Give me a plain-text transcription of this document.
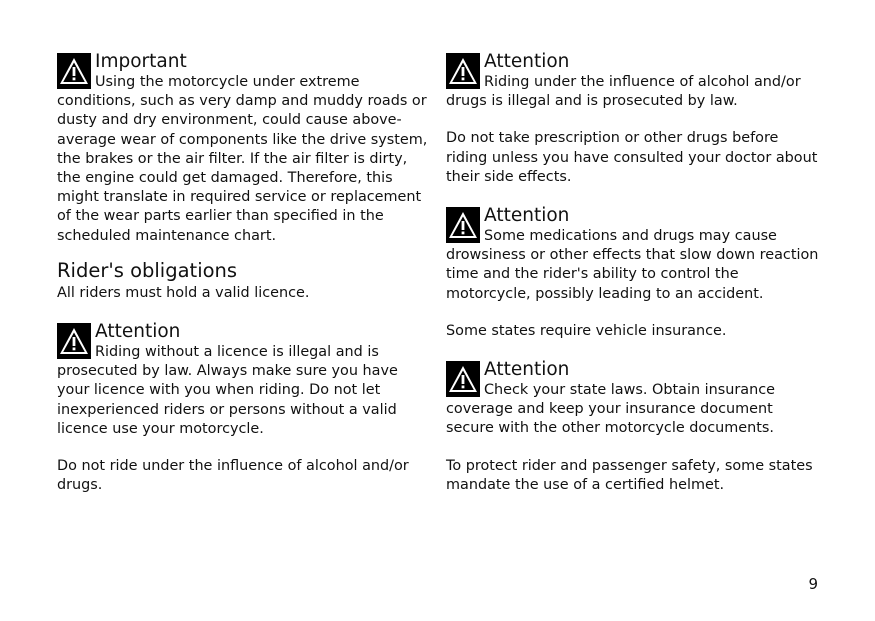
Important

Using the motorcycle under extreme conditions, such as very damp and muddy roads or dusty and dry environment, could cause above-average wear of components like the drive system, the brakes or the air filter. If the air filter is dirty, the engine could get damaged. Therefore, this might translate in required service or replacement of the wear parts earlier than specified in the scheduled maintenance chart.

Rider's obligations

All riders must hold a valid licence.

Attention

Riding without a licence is illegal and is prosecuted by law. Always make sure you have your licence with you when riding. Do not let inexperienced riders or persons without a valid licence use your motorcycle.

Do not ride under the influence of alcohol and/or drugs.

Attention

Riding under the influence of alcohol and/or drugs is illegal and is prosecuted by law.

Do not take prescription or other drugs before riding unless you have consulted your doctor about their side effects.

Attention

Some medications and drugs may cause drowsiness or other effects that slow down reaction time and the rider's ability to control the motorcycle, possibly leading to an accident.

Some states require vehicle insurance.

Attention

Check your state laws. Obtain insurance coverage and keep your insurance document secure with the other motorcycle documents.

To protect rider and passenger safety, some states mandate the use of a certified helmet.

9
